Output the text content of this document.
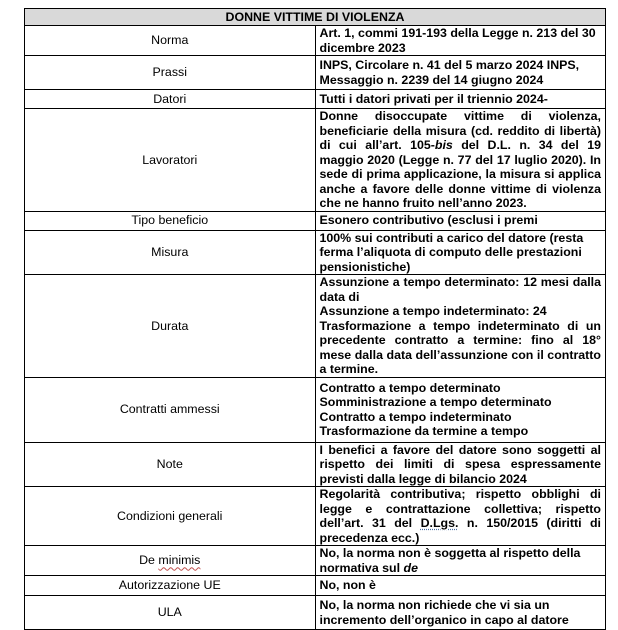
DONNE VITTIME DI VIOLENZA	
Norma	Art. 1, commi 191-193 della Legge n. 213 del 30 dicembre 2023
Prassi	INPS, Circolare n. 41 del 5 marzo 2024 INPS,
Messaggio n. 2239 del 14 giugno 2024

Datori	Tutti i datori privati per il triennio 2024-
Lavoratori	Donne disoccupate vittime di violenza, beneficiarie della misura (cd. reddito di libertà) di cui all’art. 105-bis del D.L. n. 34 del 19 maggio 2020 (Legge n. 77 del 17 luglio 2020). In sede di prima applicazione, la misura si applica anche a favore delle donne vittime di violenza che ne hanno fruito nell’anno 2023.
Tipo beneficio	Esonero contributivo (esclusi i premi
Misura	100% sui contributi a carico del datore (resta ferma l’aliquota di computo delle prestazioni pensionistiche)
Durata	Assunzione a tempo determinato: 12 mesi dalla data di
Assunzione a tempo indeterminato: 24
Trasformazione a tempo indeterminato di un precedente contratto a termine: fino al 18° mese dalla data dell’assunzione con il contratto a termine.

Contratti ammessi	Contratto a tempo determinato
Somministrazione a tempo determinato
Contratto a tempo indeterminato
Trasformazione da termine a tempo

Note	I benefici a favore del datore sono soggetti al rispetto dei limiti di spesa espressamente previsti dalla legge di bilancio 2024
Condizioni generali	Regolarità contributiva; rispetto obblighi di legge e contrattazione collettiva; rispetto dell’art. 31 del D.Lgs. n. 150/2015 (diritti di precedenza ecc.)
De minimis	No, la norma non è soggetta al rispetto della normativa sul de
Autorizzazione UE	No, non è
ULA	No, la norma non richiede che vi sia un incremento dell’organico in capo al datore
